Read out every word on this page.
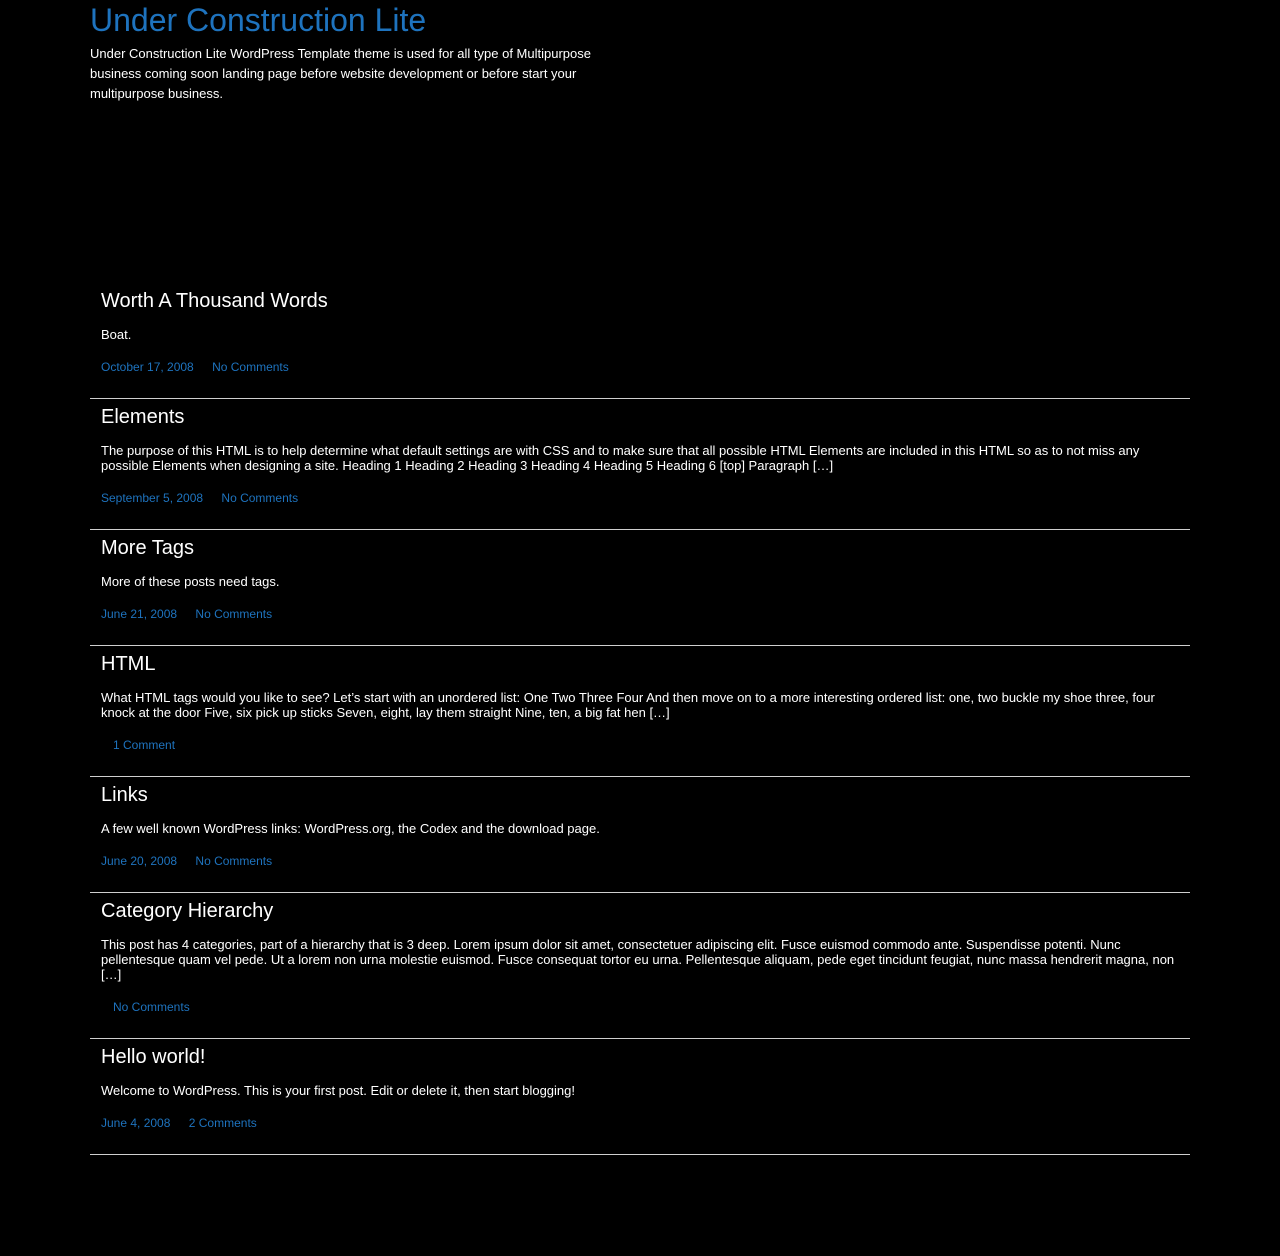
Under Construction Lite
Under Construction Lite WordPress Template theme is used for all type of Multipurpose business coming soon landing page before website development or before start your multipurpose business.
Worth A Thousand Words
Boat.
October 17, 2008 No Comments
Elements
The purpose of this HTML is to help determine what default settings are with CSS and to make sure that all possible HTML Elements are included in this HTML so as to not miss any possible Elements when designing a site. Heading 1 Heading 2 Heading 3 Heading 4 Heading 5 Heading 6 [top] Paragraph […]
September 5, 2008 No Comments
More Tags
More of these posts need tags.
June 21, 2008 No Comments
HTML
What HTML tags would you like to see? Let’s start with an unordered list: One Two Three Four And then move on to a more interesting ordered list: one, two buckle my shoe three, four knock at the door Five, six pick up sticks Seven, eight, lay them straight Nine, ten, a big fat hen […]
1 Comment
Links
A few well known WordPress links: WordPress.org, the Codex and the download page.
June 20, 2008 No Comments
Category Hierarchy
This post has 4 categories, part of a hierarchy that is 3 deep. Lorem ipsum dolor sit amet, consectetuer adipiscing elit. Fusce euismod commodo ante. Suspendisse potenti. Nunc pellentesque quam vel pede. Ut a lorem non urna molestie euismod. Fusce consequat tortor eu urna. Pellentesque aliquam, pede eget tincidunt feugiat, nunc massa hendrerit magna, non […]
No Comments
Hello world!
Welcome to WordPress. This is your first post. Edit or delete it, then start blogging!
June 4, 2008 2 Comments
